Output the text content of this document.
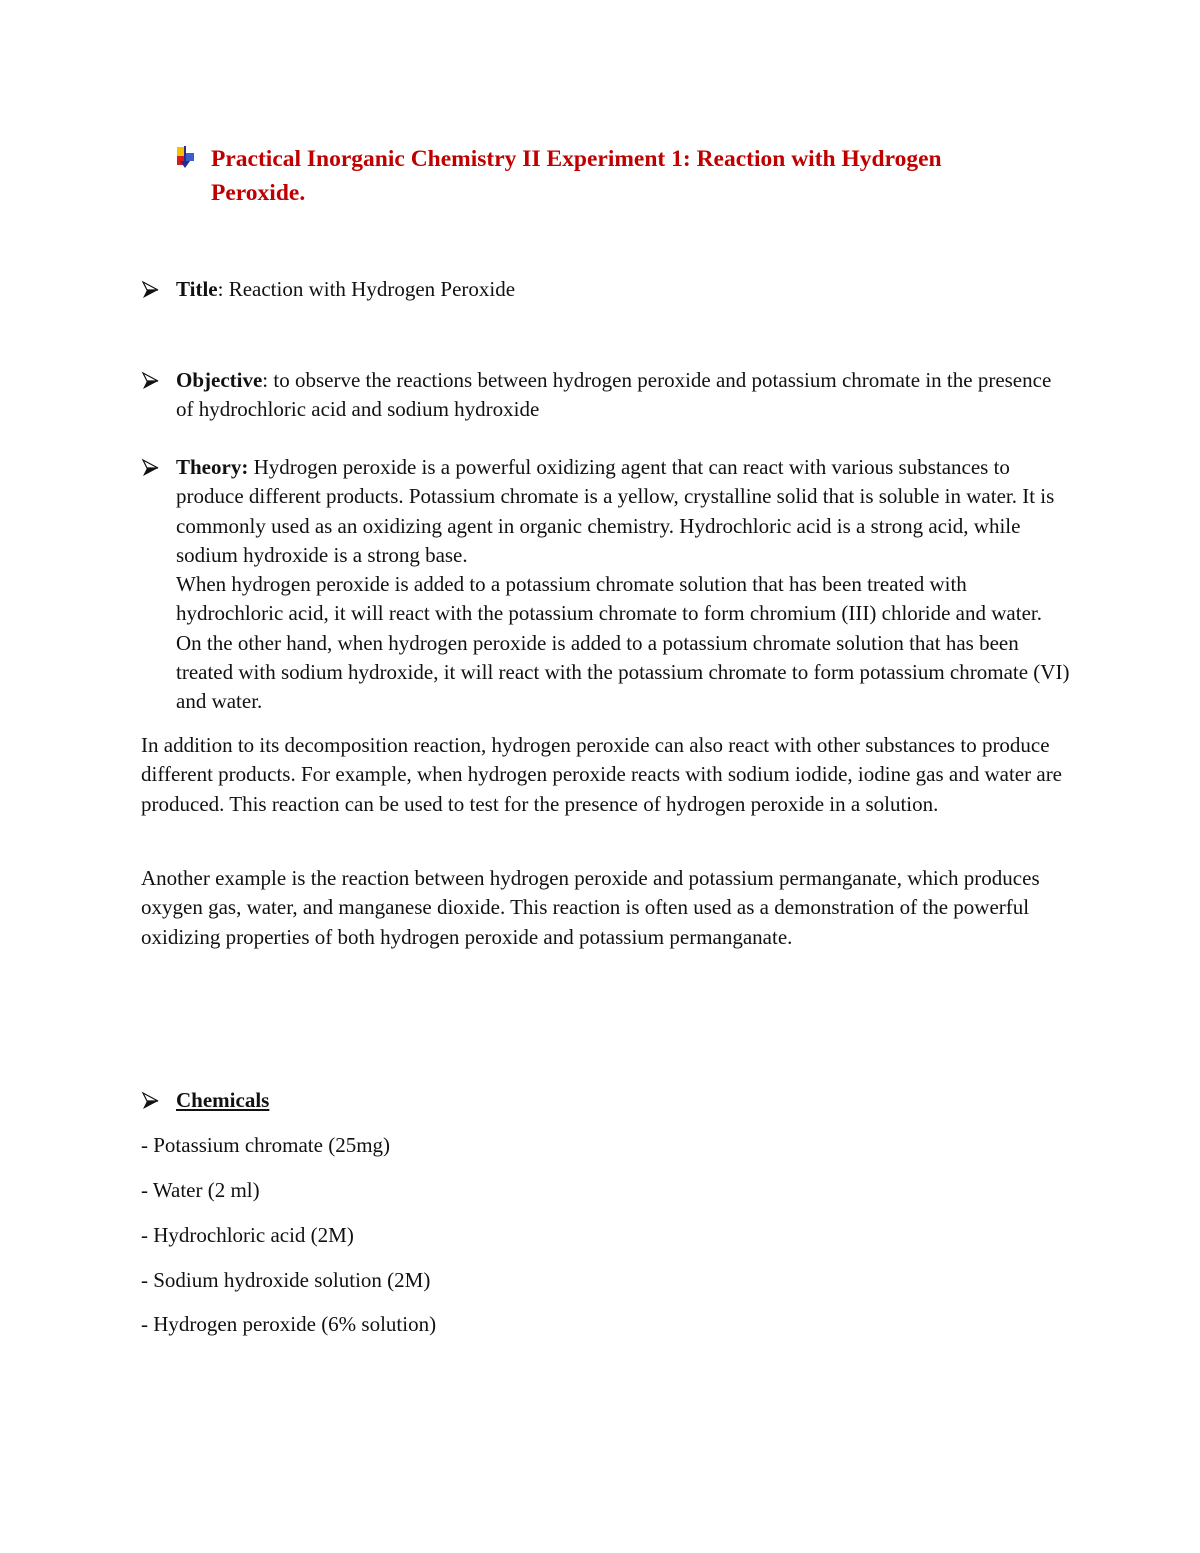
Practical Inorganic Chemistry II Experiment 1: Reaction with Hydrogen Peroxide.
Title: Reaction with Hydrogen Peroxide
Objective: to observe the reactions between hydrogen peroxide and potassium chromate in the presence of hydrochloric acid and sodium hydroxide
Theory: Hydrogen peroxide is a powerful oxidizing agent that can react with various substances to produce different products. Potassium chromate is a yellow, crystalline solid that is soluble in water. It is commonly used as an oxidizing agent in organic chemistry. Hydrochloric acid is a strong acid, while sodium hydroxide is a strong base.
When hydrogen peroxide is added to a potassium chromate solution that has been treated with hydrochloric acid, it will react with the potassium chromate to form chromium (III) chloride and water. On the other hand, when hydrogen peroxide is added to a potassium chromate solution that has been treated with sodium hydroxide, it will react with the potassium chromate to form potassium chromate (VI) and water.
In addition to its decomposition reaction, hydrogen peroxide can also react with other substances to produce different products. For example, when hydrogen peroxide reacts with sodium iodide, iodine gas and water are produced. This reaction can be used to test for the presence of hydrogen peroxide in a solution.
Another example is the reaction between hydrogen peroxide and potassium permanganate, which produces oxygen gas, water, and manganese dioxide. This reaction is often used as a demonstration of the powerful oxidizing properties of both hydrogen peroxide and potassium permanganate.
Chemicals
- Potassium chromate (25mg)
- Water (2 ml)
- Hydrochloric acid (2M)
- Sodium hydroxide solution (2M)
- Hydrogen peroxide (6% solution)
